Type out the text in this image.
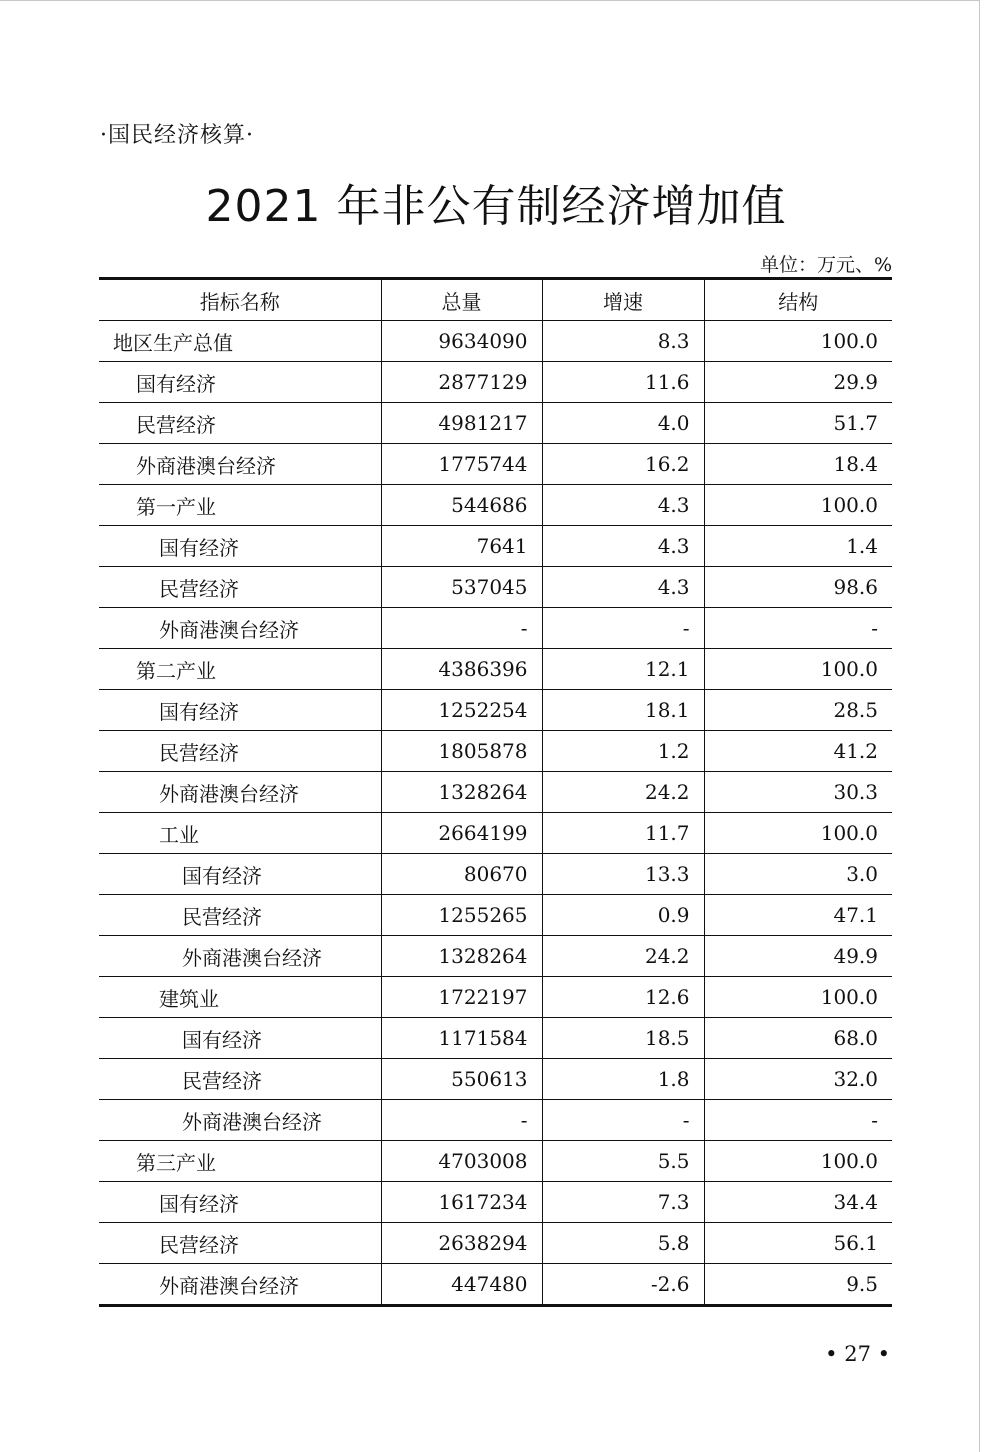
·国民经济核算·
2021 年非公有制经济增加值
单位：万元、%
指标名称	总量	增速	结构
地区生产总值	9634090	8.3	100.0
国有经济	2877129	11.6	29.9
民营经济	4981217	4.0	51.7
外商港澳台经济	1775744	16.2	18.4
第一产业	544686	4.3	100.0
国有经济	7641	4.3	1.4
民营经济	537045	4.3	98.6
外商港澳台经济	-	-	-
第二产业	4386396	12.1	100.0
国有经济	1252254	18.1	28.5
民营经济	1805878	1.2	41.2
外商港澳台经济	1328264	24.2	30.3
工业	2664199	11.7	100.0
国有经济	80670	13.3	3.0
民营经济	1255265	0.9	47.1
外商港澳台经济	1328264	24.2	49.9
建筑业	1722197	12.6	100.0
国有经济	1171584	18.5	68.0
民营经济	550613	1.8	32.0
外商港澳台经济	-	-	-
第三产业	4703008	5.5	100.0
国有经济	1617234	7.3	34.4
民营经济	2638294	5.8	56.1
外商港澳台经济	447480	-2.6	9.5
• 27 •
